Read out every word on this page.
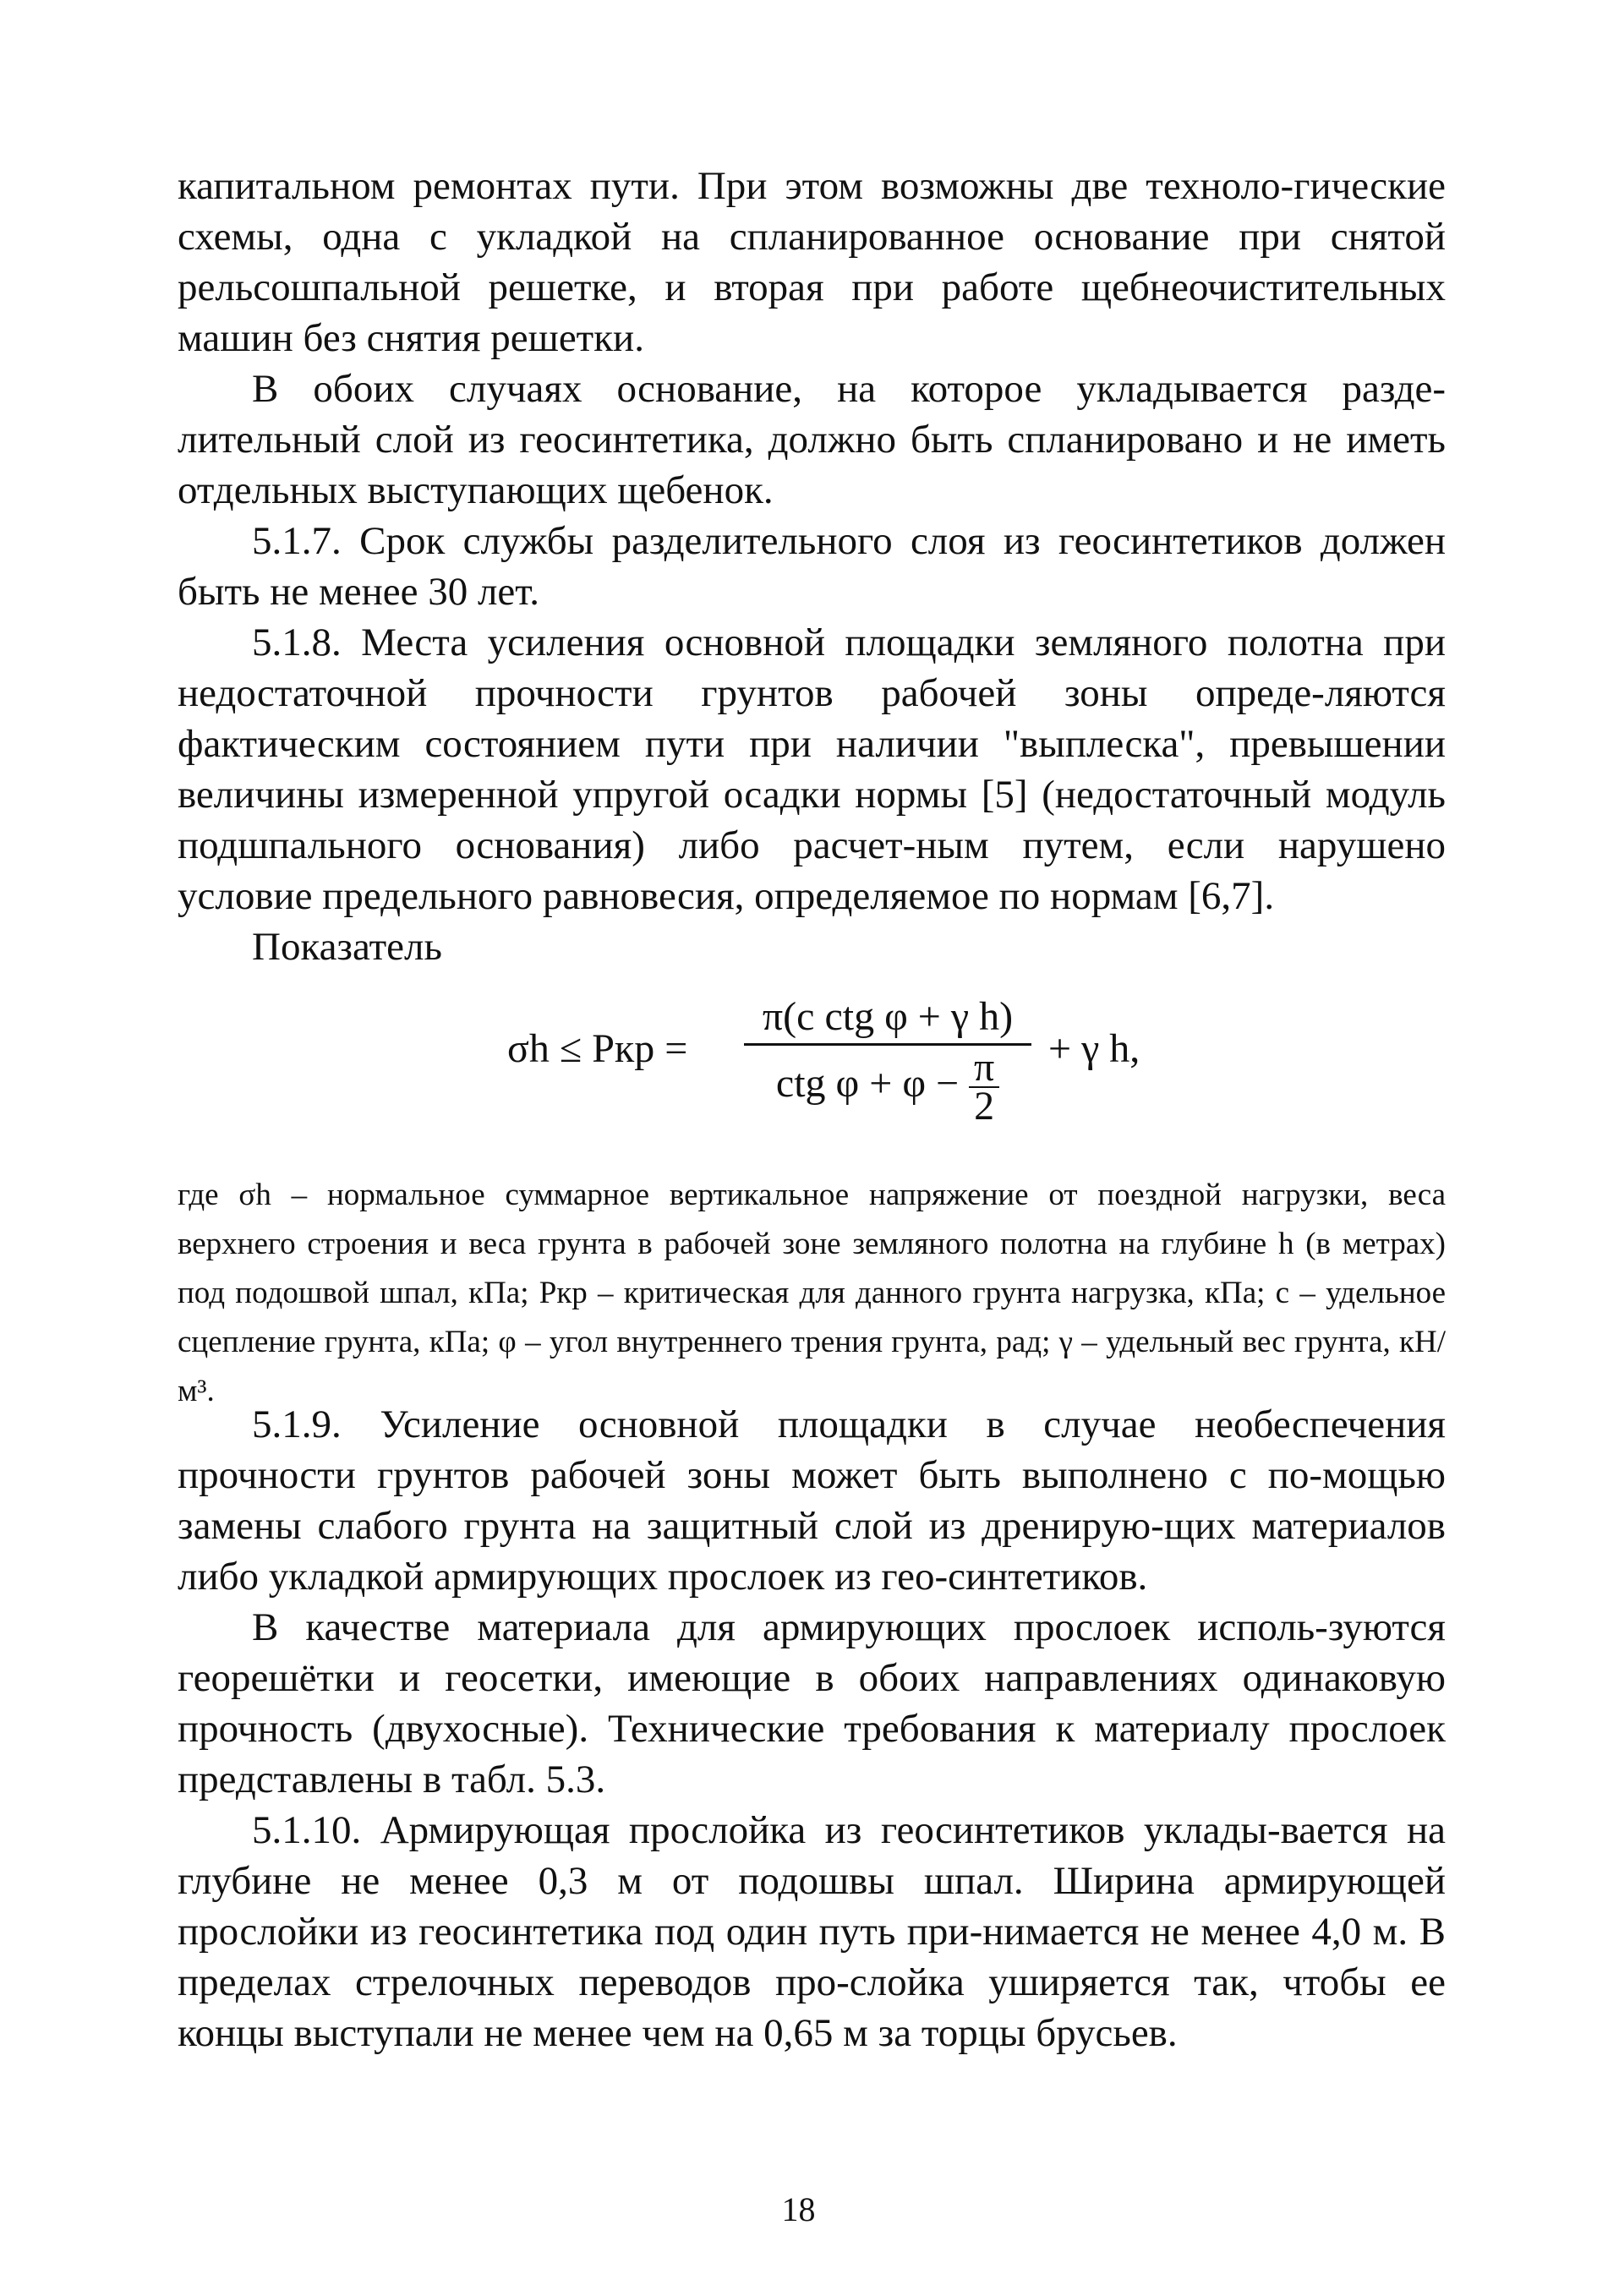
капитальном ремонтах пути. При этом возможны две техноло-гические схемы, одна с укладкой на спланированное основание при снятой рельсошпальной решетке, и вторая при работе щебнеочистительных машин без снятия решетки.

В обоих случаях основание, на которое укладывается разде-лительный слой из геосинтетика, должно быть спланировано и не иметь отдельных выступающих щебенок.

5.1.7. Срок службы разделительного слоя из геосинтетиков должен быть не менее 30 лет.

5.1.8. Места усиления основной площадки земляного полотна при недостаточной прочности грунтов рабочей зоны опреде-ляются фактическим состоянием пути при наличии "выплеска", превышении величины измеренной упругой осадки нормы [5] (недостаточный модуль подшпального основания) либо расчет-ным путем, если нарушено условие предельного равновесия, определяемое по нормам [6,7].

Показатель

σh ≤ Pкр =
π(c ctg φ + γ h)
ctg $\varphi + \varphi - \frac{\pi}{2}$
+ γ h,

где σh – нормальное суммарное вертикальное напряжение от поездной нагрузки, веса верхнего строения и веса грунта в рабочей зоне земляного полотна на глубине h (в метрах) под подошвой шпал, кПа; Pкр – критическая для данного грунта нагрузка, кПа; c – удельное сцепление грунта, кПа; φ – угол внутреннего трения грунта, рад; γ – удельный вес грунта, кН/м³.

5.1.9. Усиление основной площадки в случае необеспечения прочности грунтов рабочей зоны может быть выполнено с по-мощью замены слабого грунта на защитный слой из дренирую-щих материалов либо укладкой армирующих прослоек из гео-синтетиков.

В качестве материала для армирующих прослоек исполь-зуются георешётки и геосетки, имеющие в обоих направлениях одинаковую прочность (двухосные). Технические требования к материалу прослоек представлены в табл. 5.3.

5.1.10. Армирующая прослойка из геосинтетиков уклады-вается на глубине не менее 0,3 м от подошвы шпал. Ширина армирующей прослойки из геосинтетика под один путь при-нимается не менее 4,0 м. В пределах стрелочных переводов про-слойка уширяется так, чтобы ее концы выступали не менее чем на 0,65 м за торцы брусьев.

18
